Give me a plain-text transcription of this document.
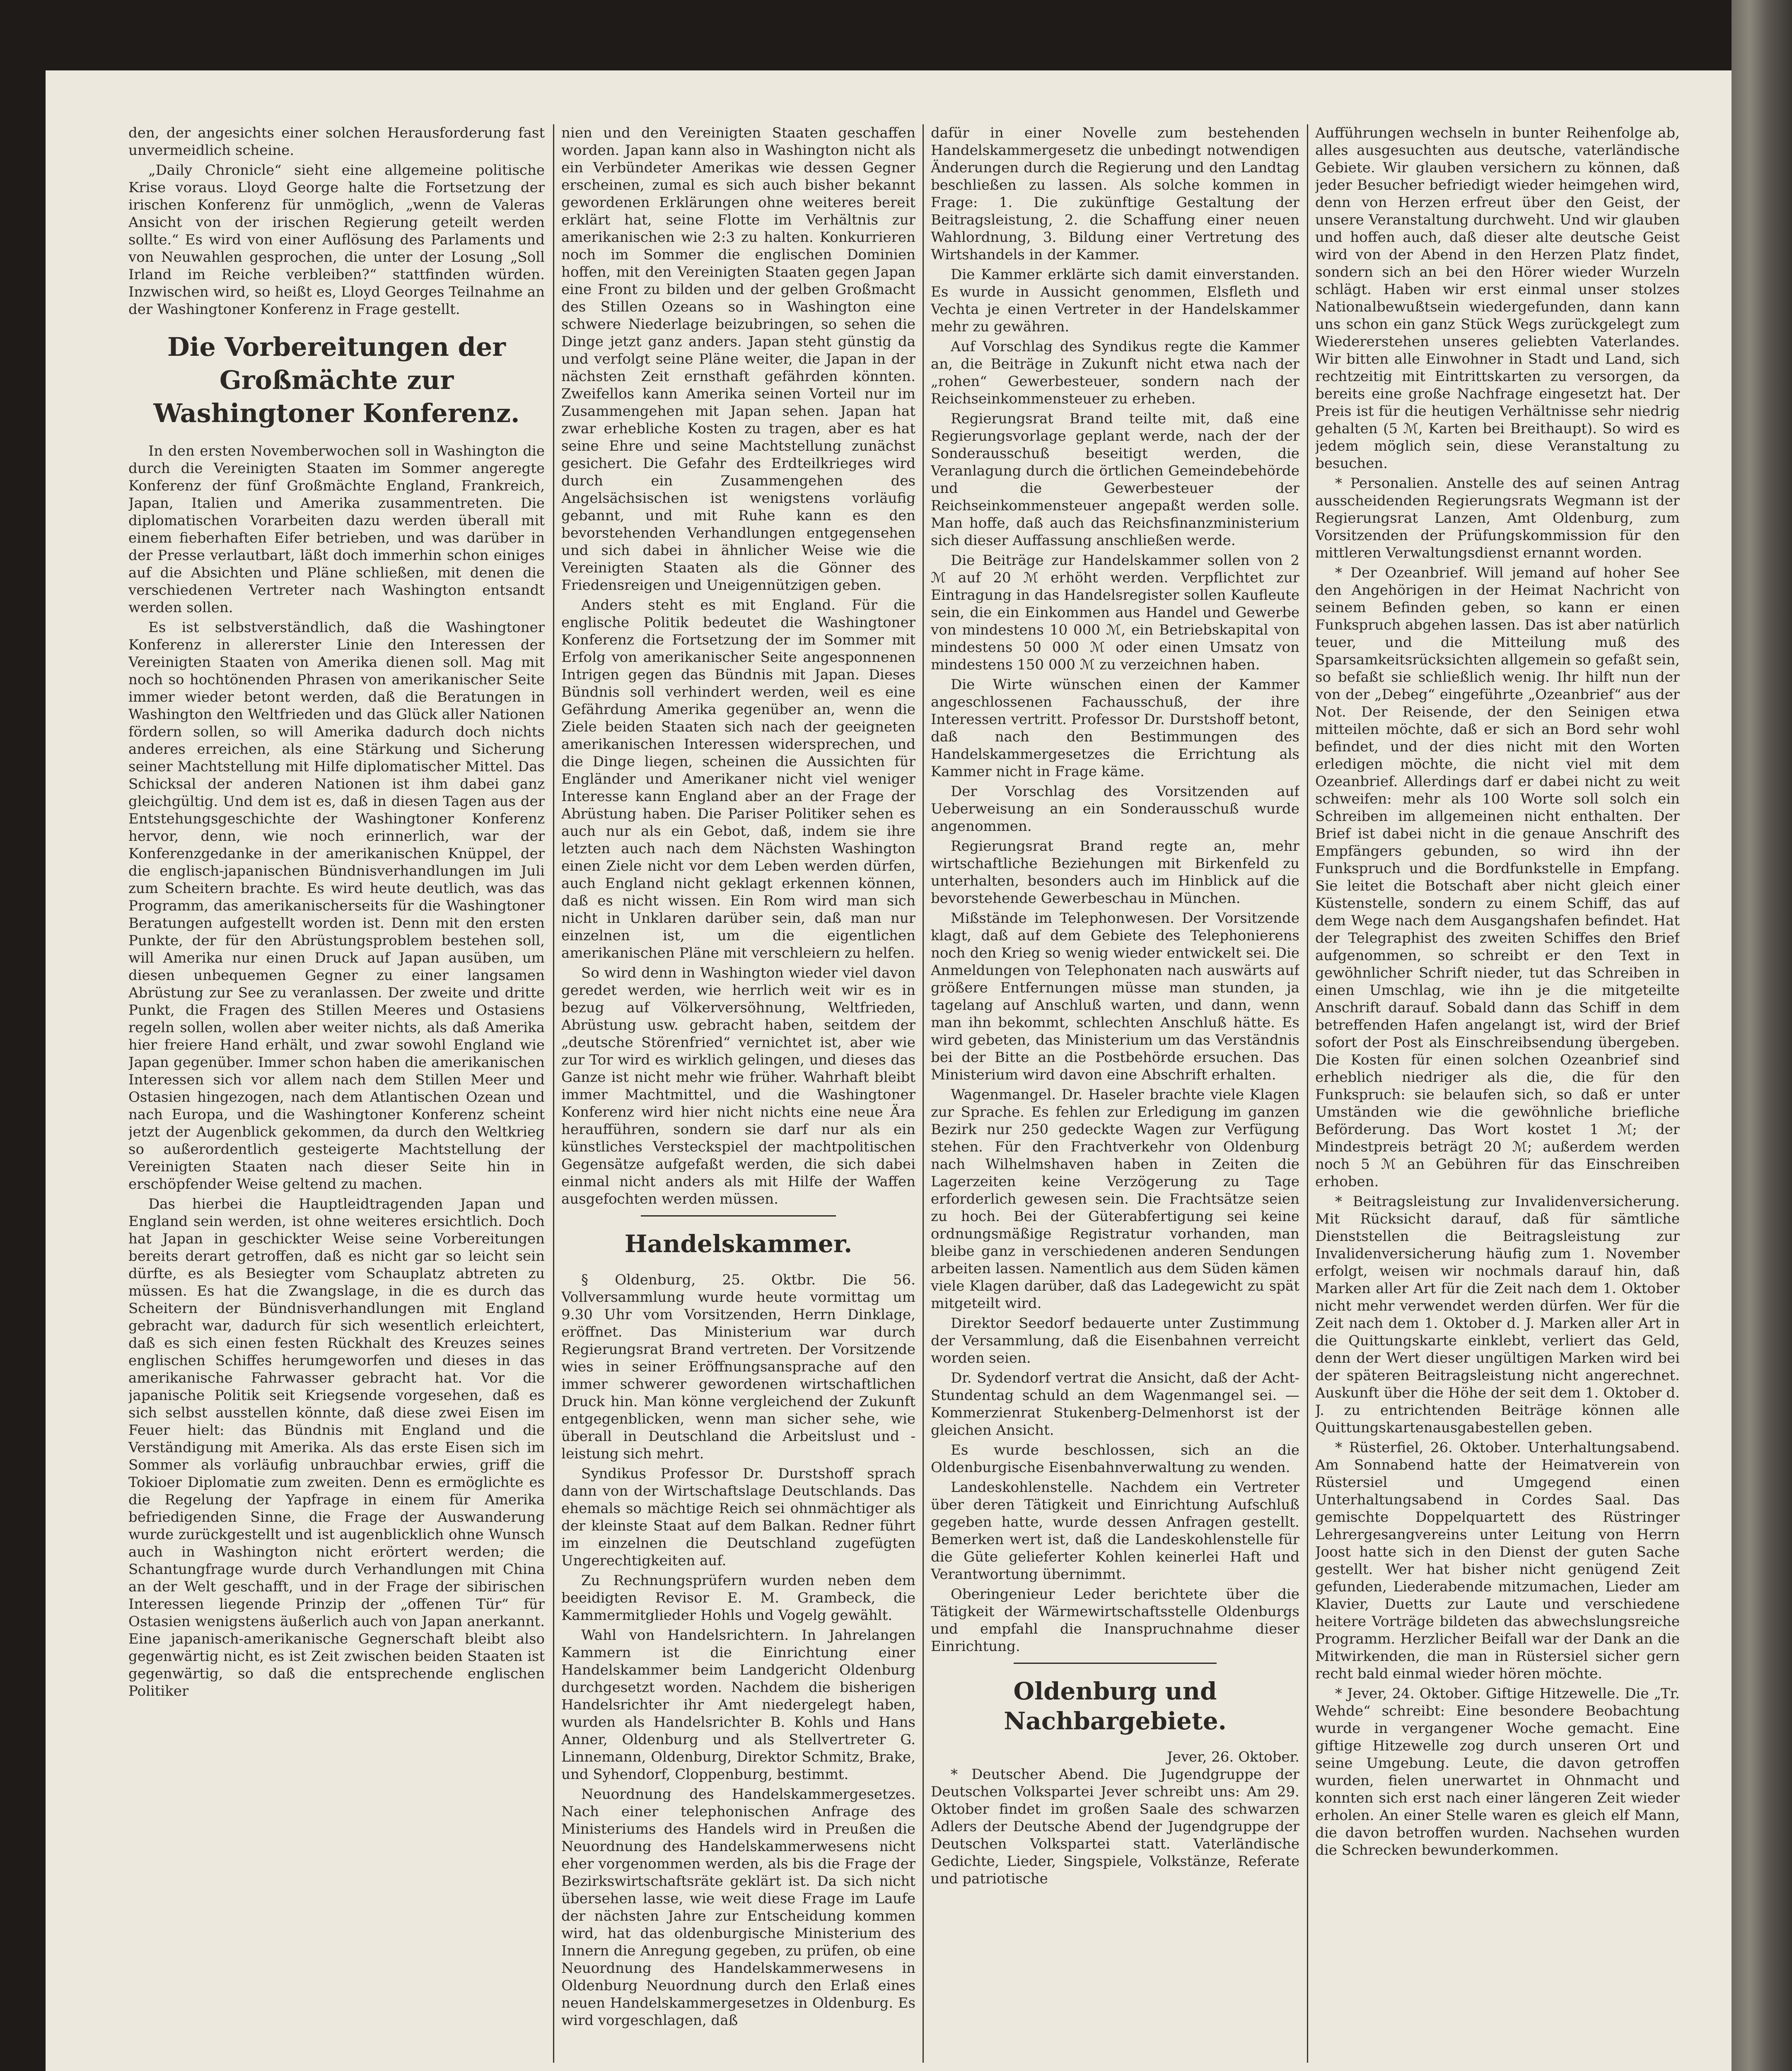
den, der angesichts einer solchen Herausforderung fast unvermeidlich scheine.

„Daily Chronicle“ sieht eine allgemeine politische Krise voraus. Lloyd George halte die Fortsetzung der irischen Konferenz für unmöglich, „wenn de Valeras Ansicht von der irischen Regierung geteilt werden sollte.“ Es wird von einer Auflösung des Parlaments und von Neuwahlen gesprochen, die unter der Losung „Soll Irland im Reiche verbleiben?“ stattfinden würden. Inzwischen wird, so heißt es, Lloyd Georges Teilnahme an der Washingtoner Konferenz in Frage gestellt.

Die Vorbereitungen der Großmächte zur Washingtoner Konferenz.

In den ersten Novemberwochen soll in Washington die durch die Vereinigten Staaten im Sommer angeregte Konferenz der fünf Großmächte England, Frankreich, Japan, Italien und Amerika zusammentreten. Die diplomatischen Vorarbeiten dazu werden überall mit einem fieberhaften Eifer betrieben, und was darüber in der Presse verlautbart, läßt doch immerhin schon einiges auf die Absichten und Pläne schließen, mit denen die verschiedenen Vertreter nach Washington entsandt werden sollen.

Es ist selbstverständlich, daß die Washingtoner Konferenz in allererster Linie den Interessen der Vereinigten Staaten von Amerika dienen soll. Mag mit noch so hochtönenden Phrasen von amerikanischer Seite immer wieder betont werden, daß die Beratungen in Washington den Weltfrieden und das Glück aller Nationen fördern sollen, so will Amerika dadurch doch nichts anderes erreichen, als eine Stärkung und Sicherung seiner Machtstellung mit Hilfe diplomatischer Mittel. Das Schicksal der anderen Nationen ist ihm dabei ganz gleichgültig. Und dem ist es, daß in diesen Tagen aus der Entstehungsgeschichte der Washingtoner Konferenz hervor, denn, wie noch erinnerlich, war der Konferenzgedanke in der amerikanischen Knüppel, der die englisch-japanischen Bündnisverhandlungen im Juli zum Scheitern brachte. Es wird heute deutlich, was das Programm, das amerikanischerseits für die Washingtoner Beratungen aufgestellt worden ist. Denn mit den ersten Punkte, der für den Abrüstungsproblem bestehen soll, will Amerika nur einen Druck auf Japan ausüben, um diesen unbequemen Gegner zu einer langsamen Abrüstung zur See zu veranlassen. Der zweite und dritte Punkt, die Fragen des Stillen Meeres und Ostasiens regeln sollen, wollen aber weiter nichts, als daß Amerika hier freiere Hand erhält, und zwar sowohl England wie Japan gegenüber. Immer schon haben die amerikanischen Interessen sich vor allem nach dem Stillen Meer und Ostasien hingezogen, nach dem Atlantischen Ozean und nach Europa, und die Washingtoner Konferenz scheint jetzt der Augenblick gekommen, da durch den Weltkrieg so außerordentlich gesteigerte Machtstellung der Vereinigten Staaten nach dieser Seite hin in erschöpfender Weise geltend zu machen.

Das hierbei die Hauptleidtragenden Japan und England sein werden, ist ohne weiteres ersichtlich. Doch hat Japan in geschickter Weise seine Vorbereitungen bereits derart getroffen, daß es nicht gar so leicht sein dürfte, es als Besiegter vom Schauplatz abtreten zu müssen. Es hat die Zwangslage, in die es durch das Scheitern der Bündnisverhandlungen mit England gebracht war, dadurch für sich wesentlich erleichtert, daß es sich einen festen Rückhalt des Kreuzes seines englischen Schiffes herumgeworfen und dieses in das amerikanische Fahrwasser gebracht hat. Vor die japanische Politik seit Kriegsende vorgesehen, daß es sich selbst ausstellen könnte, daß diese zwei Eisen im Feuer hielt: das Bündnis mit England und die Verständigung mit Amerika. Als das erste Eisen sich im Sommer als vorläufig unbrauchbar erwies, griff die Tokioer Diplomatie zum zweiten. Denn es ermöglichte es die Regelung der Yapfrage in einem für Amerika befriedigenden Sinne, die Frage der Auswanderung wurde zurückgestellt und ist augenblicklich ohne Wunsch auch in Washington nicht erörtert werden; die Schantungfrage wurde durch Verhandlungen mit China an der Welt geschafft, und in der Frage der sibirischen Interessen liegende Prinzip der „offenen Tür“ für Ostasien wenigstens äußerlich auch von Japan anerkannt. Eine japanisch-amerikanische Gegnerschaft bleibt also gegenwärtig nicht, es ist Zeit zwischen beiden Staaten ist gegenwärtig, so daß die entsprechende englischen Politiker

nien und den Vereinigten Staaten geschaffen worden. Japan kann also in Washington nicht als ein Verbündeter Amerikas wie dessen Gegner erscheinen, zumal es sich auch bisher bekannt gewordenen Erklärungen ohne weiteres bereit erklärt hat, seine Flotte im Verhältnis zur amerikanischen wie 2:3 zu halten. Konkurrieren noch im Sommer die englischen Dominien hoffen, mit den Vereinigten Staaten gegen Japan eine Front zu bilden und der gelben Großmacht des Stillen Ozeans so in Washington eine schwere Niederlage beizubringen, so sehen die Dinge jetzt ganz anders. Japan steht günstig da und verfolgt seine Pläne weiter, die Japan in der nächsten Zeit ernsthaft gefährden könnten. Zweifellos kann Amerika seinen Vorteil nur im Zusammengehen mit Japan sehen. Japan hat zwar erhebliche Kosten zu tragen, aber es hat seine Ehre und seine Machtstellung zunächst gesichert. Die Gefahr des Erdteilkrieges wird durch ein Zusammengehen des Angelsächsischen ist wenigstens vorläufig gebannt, und mit Ruhe kann es den bevorstehenden Verhandlungen entgegensehen und sich dabei in ähnlicher Weise wie die Vereinigten Staaten als die Gönner des Friedensreigen und Uneigennützigen geben.

Anders steht es mit England. Für die englische Politik bedeutet die Washingtoner Konferenz die Fortsetzung der im Sommer mit Erfolg von amerikanischer Seite angesponnenen Intrigen gegen das Bündnis mit Japan. Dieses Bündnis soll verhindert werden, weil es eine Gefährdung Amerika gegenüber an, wenn die Ziele beiden Staaten sich nach der geeigneten amerikanischen Interessen widersprechen, und die Dinge liegen, scheinen die Aussichten für Engländer und Amerikaner nicht viel weniger Interesse kann England aber an der Frage der Abrüstung haben. Die Pariser Politiker sehen es auch nur als ein Gebot, daß, indem sie ihre letzten auch nach dem Nächsten Washington einen Ziele nicht vor dem Leben werden dürfen, auch England nicht geklagt erkennen können, daß es nicht wissen. Ein Rom wird man sich nicht in Unklaren darüber sein, daß man nur einzelnen ist, um die eigentlichen amerikanischen Pläne mit verschleiern zu helfen.

So wird denn in Washington wieder viel davon geredet werden, wie herrlich weit wir es in bezug auf Völkerversöhnung, Weltfrieden, Abrüstung usw. gebracht haben, seitdem der „deutsche Störenfried“ vernichtet ist, aber wie zur Tor wird es wirklich gelingen, und dieses das Ganze ist nicht mehr wie früher. Wahrhaft bleibt immer Machtmittel, und die Washingtoner Konferenz wird hier nicht nichts eine neue Ära heraufführen, sondern sie darf nur als ein künstliches Versteckspiel der machtpolitischen Gegensätze aufgefaßt werden, die sich dabei einmal nicht anders als mit Hilfe der Waffen ausgefochten werden müssen.

Handelskammer.

§ Oldenburg, 25. Oktbr. Die 56. Vollversammlung wurde heute vormittag um 9.30 Uhr vom Vorsitzenden, Herrn Dinklage, eröffnet. Das Ministerium war durch Regierungsrat Brand vertreten. Der Vorsitzende wies in seiner Eröffnungsansprache auf den immer schwerer gewordenen wirtschaftlichen Druck hin. Man könne vergleichend der Zukunft entgegenblicken, wenn man sicher sehe, wie überall in Deutschland die Arbeitslust und -leistung sich mehrt.

Syndikus Professor Dr. Durstshoff sprach dann von der Wirtschaftslage Deutschlands. Das ehemals so mächtige Reich sei ohnmächtiger als der kleinste Staat auf dem Balkan. Redner führt im einzelnen die Deutschland zugefügten Ungerechtigkeiten auf.

Zu Rechnungsprüfern wurden neben dem beeidigten Revisor E. M. Grambeck, die Kammermitglieder Hohls und Vogelg gewählt.

Wahl von Handelsrichtern. In Jahrelangen Kammern ist die Einrichtung einer Handelskammer beim Landgericht Oldenburg durchgesetzt worden. Nachdem die bisherigen Handelsrichter ihr Amt niedergelegt haben, wurden als Handelsrichter B. Kohls und Hans Anner, Oldenburg und als Stellvertreter G. Linnemann, Oldenburg, Direktor Schmitz, Brake, und Syhendorf, Cloppenburg, bestimmt.

Neuordnung des Handelskammergesetzes. Nach einer telephonischen Anfrage des Ministeriums des Handels wird in Preußen die Neuordnung des Handelskammerwesens nicht eher vorgenommen werden, als bis die Frage der Bezirkswirtschaftsräte geklärt ist. Da sich nicht übersehen lasse, wie weit diese Frage im Laufe der nächsten Jahre zur Entscheidung kommen wird, hat das oldenburgische Ministerium des Innern die Anregung gegeben, zu prüfen, ob eine Neuordnung des Handelskammerwesens in Oldenburg Neuordnung durch den Erlaß eines neuen Handelskammergesetzes in Oldenburg. Es wird vorgeschlagen, daß

dafür in einer Novelle zum bestehenden Handelskammergesetz die unbedingt notwendigen Änderungen durch die Regierung und den Landtag beschließen zu lassen. Als solche kommen in Frage: 1. Die zukünftige Gestaltung der Beitragsleistung, 2. die Schaffung einer neuen Wahlordnung, 3. Bildung einer Vertretung des Wirtshandels in der Kammer.

Die Kammer erklärte sich damit einverstanden. Es wurde in Aussicht genommen, Elsfleth und Vechta je einen Vertreter in der Handelskammer mehr zu gewähren.

Auf Vorschlag des Syndikus regte die Kammer an, die Beiträge in Zukunft nicht etwa nach der „rohen“ Gewerbesteuer, sondern nach der Reichseinkommensteuer zu erheben.

Regierungsrat Brand teilte mit, daß eine Regierungsvorlage geplant werde, nach der der Sonderausschuß beseitigt werden, die Veranlagung durch die örtlichen Gemeindebehörde und die Gewerbesteuer der Reichseinkommensteuer angepaßt werden solle. Man hoffe, daß auch das Reichsfinanzministerium sich dieser Auffassung anschließen werde.

Die Beiträge zur Handelskammer sollen von 2 ℳ auf 20 ℳ erhöht werden. Verpflichtet zur Eintragung in das Handelsregister sollen Kaufleute sein, die ein Einkommen aus Handel und Gewerbe von mindestens 10 000 ℳ, ein Betriebskapital von mindestens 50 000 ℳ oder einen Umsatz von mindestens 150 000 ℳ zu verzeichnen haben.

Die Wirte wünschen einen der Kammer angeschlossenen Fachausschuß, der ihre Interessen vertritt. Professor Dr. Durstshoff betont, daß nach den Bestimmungen des Handelskammergesetzes die Errichtung als Kammer nicht in Frage käme.

Der Vorschlag des Vorsitzenden auf Ueberweisung an ein Sonderausschuß wurde angenommen.

Regierungsrat Brand regte an, mehr wirtschaftliche Beziehungen mit Birkenfeld zu unterhalten, besonders auch im Hinblick auf die bevorstehende Gewerbeschau in München.

Mißstände im Telephonwesen. Der Vorsitzende klagt, daß auf dem Gebiete des Telephonierens noch den Krieg so wenig wieder entwickelt sei. Die Anmeldungen von Telephonaten nach auswärts auf größere Entfernungen müsse man stunden, ja tagelang auf Anschluß warten, und dann, wenn man ihn bekommt, schlechten Anschluß hätte. Es wird gebeten, das Ministerium um das Verständnis bei der Bitte an die Postbehörde ersuchen. Das Ministerium wird davon eine Abschrift erhalten.

Wagenmangel. Dr. Haseler brachte viele Klagen zur Sprache. Es fehlen zur Erledigung im ganzen Bezirk nur 250 gedeckte Wagen zur Verfügung stehen. Für den Frachtverkehr von Oldenburg nach Wilhelmshaven haben in Zeiten die Lagerzeiten keine Verzögerung zu Tage erforderlich gewesen sein. Die Frachtsätze seien zu hoch. Bei der Güterabfertigung sei keine ordnungsmäßige Registratur vorhanden, man bleibe ganz in verschiedenen anderen Sendungen arbeiten lassen. Namentlich aus dem Süden kämen viele Klagen darüber, daß das Ladegewicht zu spät mitgeteilt wird.

Direktor Seedorf bedauerte unter Zustimmung der Versammlung, daß die Eisenbahnen verreicht worden seien.

Dr. Sydendorf vertrat die Ansicht, daß der Acht-Stundentag schuld an dem Wagenmangel sei. — Kommerzienrat Stukenberg-Delmenhorst ist der gleichen Ansicht.

Es wurde beschlossen, sich an die Oldenburgische Eisenbahnverwaltung zu wenden.

Landeskohlenstelle. Nachdem ein Vertreter über deren Tätigkeit und Einrichtung Aufschluß gegeben hatte, wurde dessen Anfragen gestellt. Bemerken wert ist, daß die Landeskohlenstelle für die Güte gelieferter Kohlen keinerlei Haft und Verantwortung übernimmt.

Oberingenieur Leder berichtete über die Tätigkeit der Wärmewirtschaftsstelle Oldenburgs und empfahl die Inanspruchnahme dieser Einrichtung.

Oldenburg und Nachbargebiete.
Jever, 26. Oktober.

* Deutscher Abend. Die Jugendgruppe der Deutschen Volkspartei Jever schreibt uns: Am 29. Oktober findet im großen Saale des schwarzen Adlers der Deutsche Abend der Jugendgruppe der Deutschen Volkspartei statt. Vaterländische Gedichte, Lieder, Singspiele, Volkstänze, Referate und patriotische

Aufführungen wechseln in bunter Reihenfolge ab, alles ausgesuchten aus deutsche, vaterländische Gebiete. Wir glauben versichern zu können, daß jeder Besucher befriedigt wieder heimgehen wird, denn von Herzen erfreut über den Geist, der unsere Veranstaltung durchweht. Und wir glauben und hoffen auch, daß dieser alte deutsche Geist wird von der Abend in den Herzen Platz findet, sondern sich an bei den Hörer wieder Wurzeln schlägt. Haben wir erst einmal unser stolzes Nationalbewußtsein wiedergefunden, dann kann uns schon ein ganz Stück Wegs zurückgelegt zum Wiedererstehen unseres geliebten Vaterlandes. Wir bitten alle Einwohner in Stadt und Land, sich rechtzeitig mit Eintrittskarten zu versorgen, da bereits eine große Nachfrage eingesetzt hat. Der Preis ist für die heutigen Verhältnisse sehr niedrig gehalten (5 ℳ, Karten bei Breithaupt). So wird es jedem möglich sein, diese Veranstaltung zu besuchen.

* Personalien. Anstelle des auf seinen Antrag ausscheidenden Regierungsrats Wegmann ist der Regierungsrat Lanzen, Amt Oldenburg, zum Vorsitzenden der Prüfungskommission für den mittleren Verwaltungsdienst ernannt worden.

* Der Ozeanbrief. Will jemand auf hoher See den Angehörigen in der Heimat Nachricht von seinem Befinden geben, so kann er einen Funkspruch abgehen lassen. Das ist aber natürlich teuer, und die Mitteilung muß des Sparsamkeitsrücksichten allgemein so gefaßt sein, so befaßt sie schließlich wenig. Ihr hilft nun der von der „Debeg“ eingeführte „Ozeanbrief“ aus der Not. Der Reisende, der den Seinigen etwa mitteilen möchte, daß er sich an Bord sehr wohl befindet, und der dies nicht mit den Worten erledigen möchte, die nicht viel mit dem Ozeanbrief. Allerdings darf er dabei nicht zu weit schweifen: mehr als 100 Worte soll solch ein Schreiben im allgemeinen nicht enthalten. Der Brief ist dabei nicht in die genaue Anschrift des Empfängers gebunden, so wird ihn der Funkspruch und die Bordfunkstelle in Empfang. Sie leitet die Botschaft aber nicht gleich einer Küstenstelle, sondern zu einem Schiff, das auf dem Wege nach dem Ausgangshafen befindet. Hat der Telegraphist des zweiten Schiffes den Brief aufgenommen, so schreibt er den Text in gewöhnlicher Schrift nieder, tut das Schreiben in einen Umschlag, wie ihn je die mitgeteilte Anschrift darauf. Sobald dann das Schiff in dem betreffenden Hafen angelangt ist, wird der Brief sofort der Post als Einschreibsendung übergeben. Die Kosten für einen solchen Ozeanbrief sind erheblich niedriger als die, die für den Funkspruch: sie belaufen sich, so daß er unter Umständen wie die gewöhnliche briefliche Beförderung. Das Wort kostet 1 ℳ; der Mindestpreis beträgt 20 ℳ; außerdem werden noch 5 ℳ an Gebühren für das Einschreiben erhoben.

* Beitragsleistung zur Invalidenversicherung. Mit Rücksicht darauf, daß für sämtliche Dienststellen die Beitragsleistung zur Invalidenversicherung häufig zum 1. November erfolgt, weisen wir nochmals darauf hin, daß Marken aller Art für die Zeit nach dem 1. Oktober nicht mehr verwendet werden dürfen. Wer für die Zeit nach dem 1. Oktober d. J. Marken aller Art in die Quittungskarte einklebt, verliert das Geld, denn der Wert dieser ungültigen Marken wird bei der späteren Beitragsleistung nicht angerechnet. Auskunft über die Höhe der seit dem 1. Oktober d. J. zu entrichtenden Beiträge können alle Quittungskartenausgabestellen geben.

* Rüsterfiel, 26. Oktober. Unterhaltungsabend. Am Sonnabend hatte der Heimatverein von Rüstersiel und Umgegend einen Unterhaltungsabend in Cordes Saal. Das gemischte Doppelquartett des Rüstringer Lehrergesangvereins unter Leitung von Herrn Joost hatte sich in den Dienst der guten Sache gestellt. Wer hat bisher nicht genügend Zeit gefunden, Liederabende mitzumachen, Lieder am Klavier, Duetts zur Laute und verschiedene heitere Vorträge bildeten das abwechslungsreiche Programm. Herzlicher Beifall war der Dank an die Mitwirkenden, die man in Rüstersiel sicher gern recht bald einmal wieder hören möchte.

* Jever, 24. Oktober. Giftige Hitzewelle. Die „Tr. Wehde“ schreibt: Eine besondere Beobachtung wurde in vergangener Woche gemacht. Eine giftige Hitzewelle zog durch unseren Ort und seine Umgebung. Leute, die davon getroffen wurden, fielen unerwartet in Ohnmacht und konnten sich erst nach einer längeren Zeit wieder erholen. An einer Stelle waren es gleich elf Mann, die davon betroffen wurden. Nachsehen wurden die Schrecken bewunderkommen.
